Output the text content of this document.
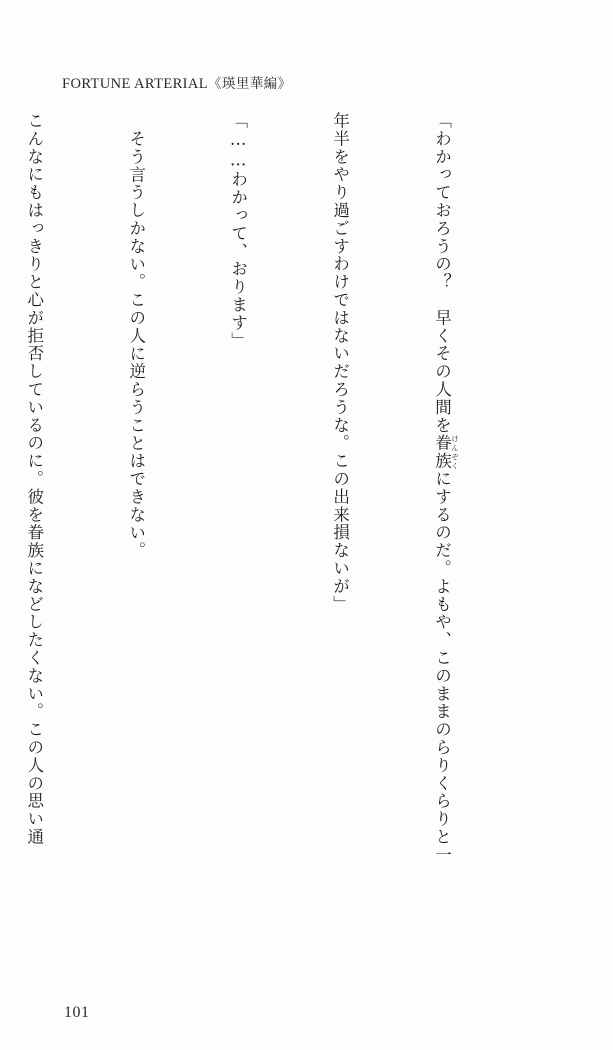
FORTUNE ARTERIAL《瑛里華編》

「わかっておろうの？　早くその人間を眷族 けんぞくにするのだ。よもや、このままのらりくらりと一

年半をやり過ごすわけではないだろうな。この出来損ないが」

「……わかって、おります」

そう言うしかない。この人に逆らうことはできない。

こんなにもはっきりと心が拒否しているのに。彼を眷族になどしたくない。この人の思い通

101
